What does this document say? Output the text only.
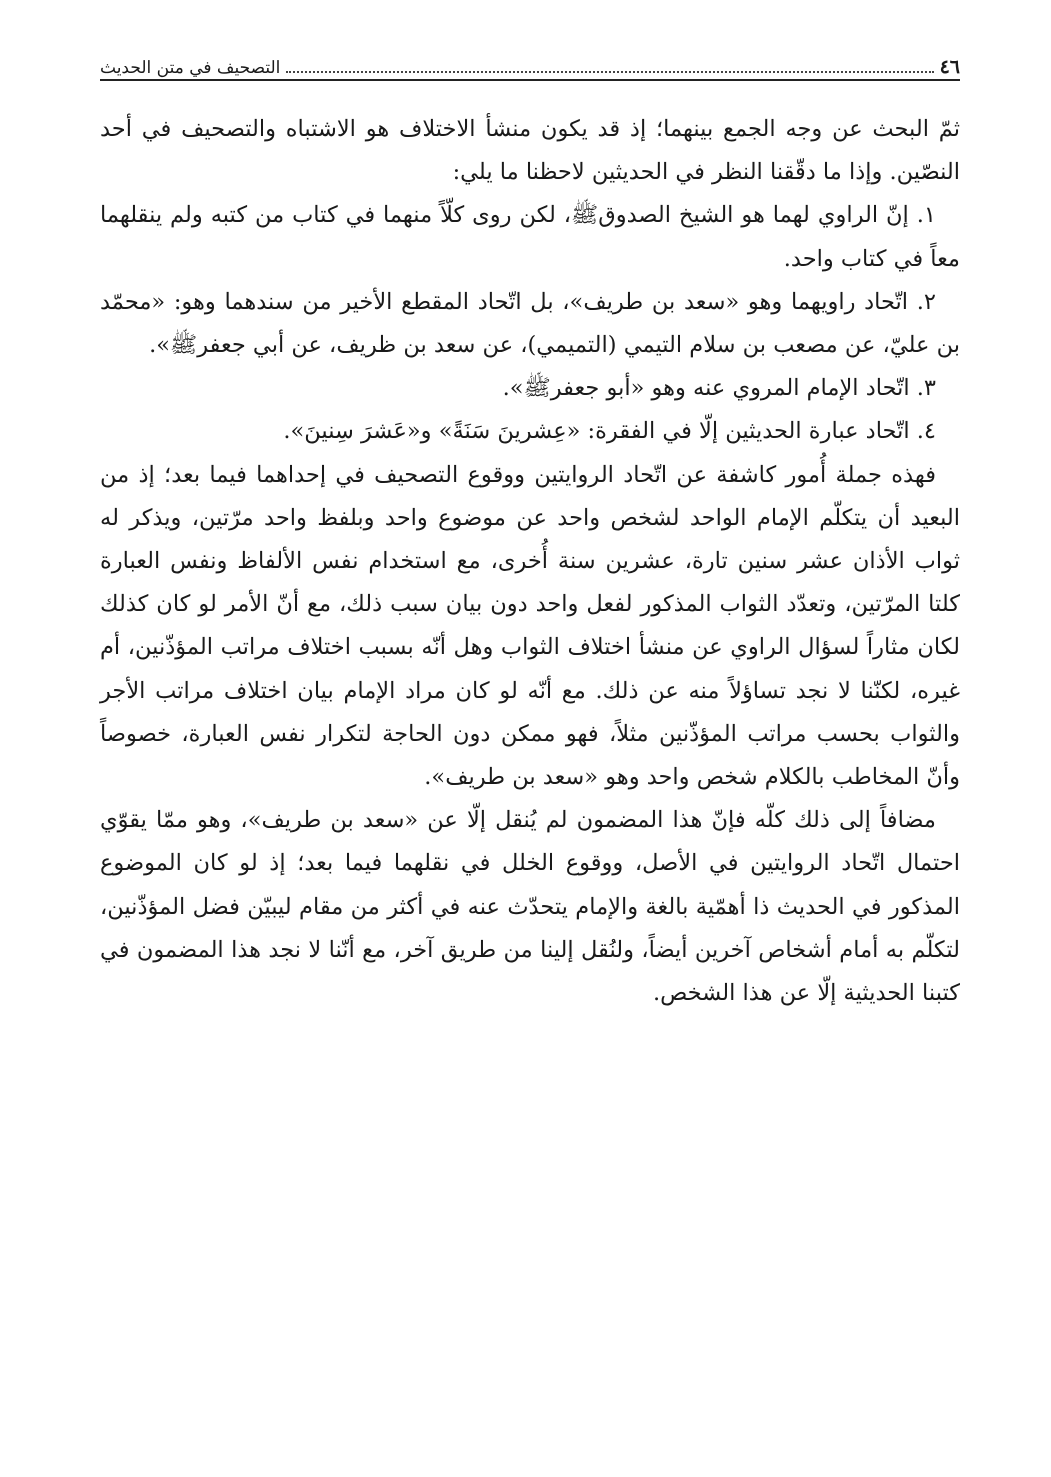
٤٦
التصحيف في متن الحديث

ثمّ البحث عن وجه الجمع بينهما؛ إذ قد يكون منشأ الاختلاف هو الاشتباه والتصحيف في أحد النصّين. وإذا ما دقّقنا النظر في الحديثين لاحظنا ما يلي:

١. إنّ الراوي لهما هو الشيخ الصدوقﷺ، لكن روى كلّاً منهما في كتاب من كتبه ولم ينقلهما معاً في كتاب واحد.

٢. اتّحاد راويهما وهو «سعد بن طريف»، بل اتّحاد المقطع الأخير من سندهما وهو: «محمّد بن عليّ، عن مصعب بن سلام التيمي (التميمي)، عن سعد بن ظريف، عن أبي جعفرﷺ».

٣. اتّحاد الإمام المروي عنه وهو «أبو جعفرﷺ».

٤. اتّحاد عبارة الحديثين إلّا في الفقرة: «عِشرينَ سَنَةً» و«عَشرَ سِنينَ».

فهذه جملة أُمور كاشفة عن اتّحاد الروايتين ووقوع التصحيف في إحداهما فيما بعد؛ إذ من البعيد أن يتكلّم الإمام الواحد لشخص واحد عن موضوع واحد وبلفظ واحد مرّتين، ويذكر له ثواب الأذان عشر سنين تارة، عشرين سنة أُخرى، مع استخدام نفس الألفاظ ونفس العبارة كلتا المرّتين، وتعدّد الثواب المذكور لفعل واحد دون بيان سبب ذلك، مع أنّ الأمر لو كان كذلك لكان مثاراً لسؤال الراوي عن منشأ اختلاف الثواب وهل أنّه بسبب اختلاف مراتب المؤذّنين، أم غيره، لكنّنا لا نجد تساؤلاً منه عن ذلك. مع أنّه لو كان مراد الإمام بيان اختلاف مراتب الأجر والثواب بحسب مراتب المؤذّنين مثلاً، فهو ممكن دون الحاجة لتكرار نفس العبارة، خصوصاً وأنّ المخاطب بالكلام شخص واحد وهو «سعد بن طريف».

مضافاً إلى ذلك كلّه فإنّ هذا المضمون لم يُنقل إلّا عن «سعد بن طريف»، وهو ممّا يقوّي احتمال اتّحاد الروايتين في الأصل، ووقوع الخلل في نقلهما فيما بعد؛ إذ لو كان الموضوع المذكور في الحديث ذا أهمّية بالغة والإمام يتحدّث عنه في أكثر من مقام ليبيّن فضل المؤذّنين، لتكلّم به أمام أشخاص آخرين أيضاً، ولنُقل إلينا من طريق آخر، مع أنّنا لا نجد هذا المضمون في كتبنا الحديثية إلّا عن هذا الشخص.
